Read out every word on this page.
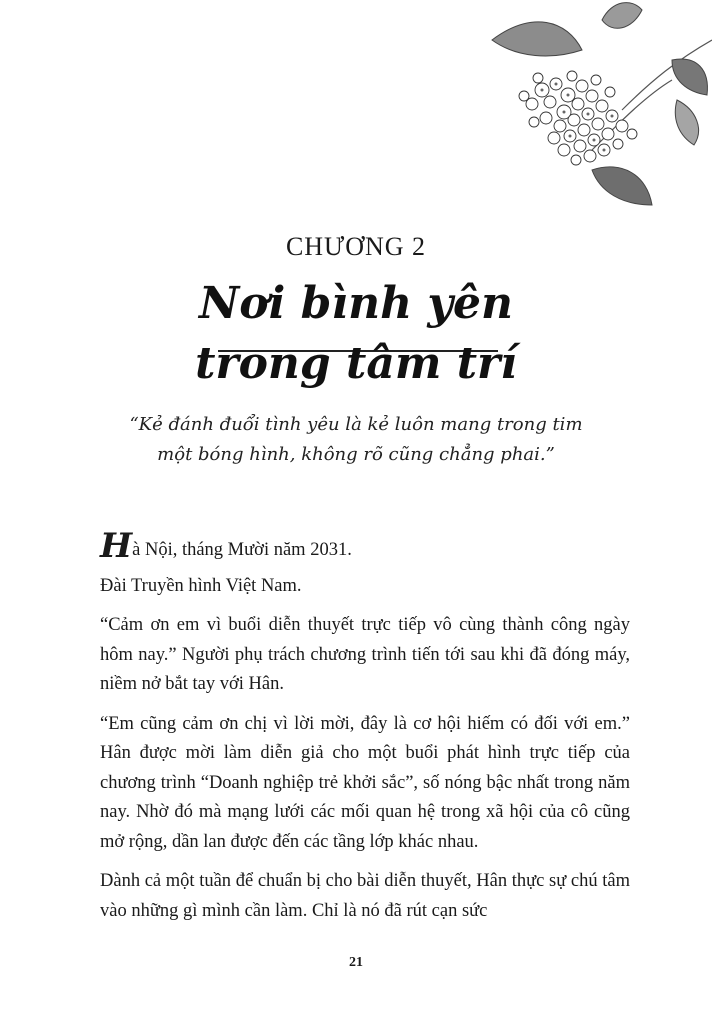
CHƯƠNG 2
Nơi bình yên
trong tâm trí
“Kẻ đánh đuổi tình yêu là kẻ luôn mang trong tim
một bóng hình, không rõ cũng chẳng phai.”

Hà Nội, tháng Mười năm 2031.

Đài Truyền hình Việt Nam.

“Cảm ơn em vì buổi diễn thuyết trực tiếp vô cùng thành công ngày hôm nay.” Người phụ trách chương trình tiến tới sau khi đã đóng máy, niềm nở bắt tay với Hân.

“Em cũng cảm ơn chị vì lời mời, đây là cơ hội hiếm có đối với em.” Hân được mời làm diễn giả cho một buổi phát hình trực tiếp của chương trình “Doanh nghiệp trẻ khởi sắc”, số nóng bậc nhất trong năm nay. Nhờ đó mà mạng lưới các mối quan hệ trong xã hội của cô cũng mở rộng, dần lan được đến các tầng lớp khác nhau.

Dành cả một tuần để chuẩn bị cho bài diễn thuyết, Hân thực sự chú tâm vào những gì mình cần làm. Chỉ là nó đã rút cạn sức

21
